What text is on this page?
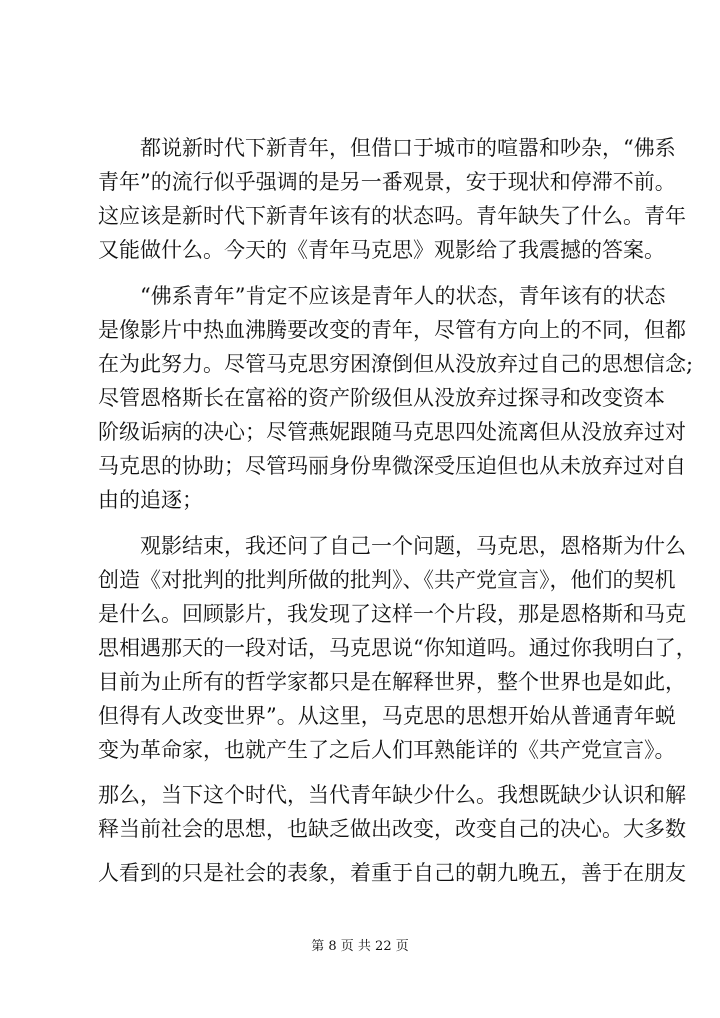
　　都说新时代下新青年，但借口于城市的喧嚣和吵杂，“佛系
青年”的流行似乎强调的是另一番观景，安于现状和停滞不前。
这应该是新时代下新青年该有的状态吗。青年缺失了什么。青年
又能做什么。今天的《青年马克思》观影给了我震撼的答案。
　　“佛系青年”肯定不应该是青年人的状态，青年该有的状态
是像影片中热血沸腾要改变的青年，尽管有方向上的不同，但都
在为此努力。尽管马克思穷困潦倒但从没放弃过自己的思想信念;
尽管恩格斯长在富裕的资产阶级但从没放弃过探寻和改变资本
阶级诟病的决心；尽管燕妮跟随马克思四处流离但从没放弃过对
马克思的协助；尽管玛丽身份卑微深受压迫但也从未放弃过对自
由的追逐；
　　观影结束，我还问了自己一个问题，马克思，恩格斯为什么
创造《对批判的批判所做的批判》、《共产党宣言》，他们的契机
是什么。回顾影片，我发现了这样一个片段，那是恩格斯和马克
思相遇那天的一段对话，马克思说“你知道吗。通过你我明白了，
目前为止所有的哲学家都只是在解释世界，整个世界也是如此，
但得有人改变世界”。从这里，马克思的思想开始从普通青年蜕
变为革命家，也就产生了之后人们耳熟能详的《共产党宣言》。
那么，当下这个时代，当代青年缺少什么。我想既缺少认识和解
释当前社会的思想，也缺乏做出改变，改变自己的决心。大多数
人看到的只是社会的表象，着重于自己的朝九晚五，善于在朋友
第 8 页 共 22 页
